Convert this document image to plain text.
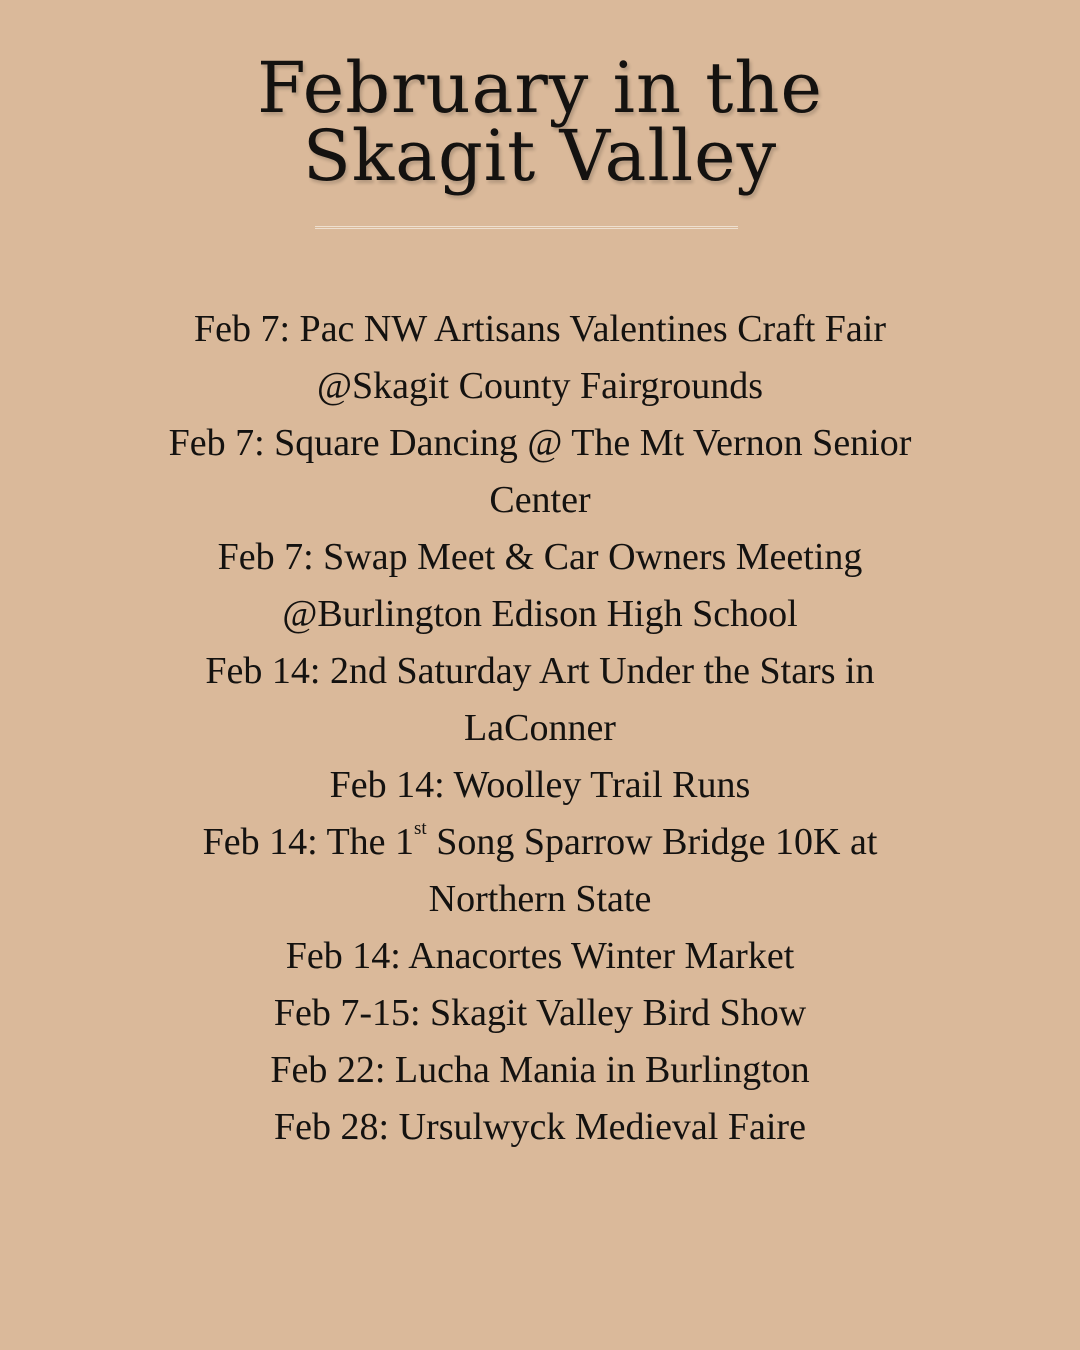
February in the
Skagit Valley
Feb 7: Pac NW Artisans Valentines Craft Fair @Skagit County Fairgrounds
Feb 7: Square Dancing @ The Mt Vernon Senior Center
Feb 7: Swap Meet & Car Owners Meeting @Burlington Edison High School
Feb 14: 2nd Saturday Art Under the Stars in LaConner
Feb 14: Woolley Trail Runs
Feb 14: The 1st Song Sparrow Bridge 10K at Northern State
Feb 14: Anacortes Winter Market
Feb 7-15: Skagit Valley Bird Show
Feb 22: Lucha Mania in Burlington
Feb 28: Ursulwyck Medieval Faire
